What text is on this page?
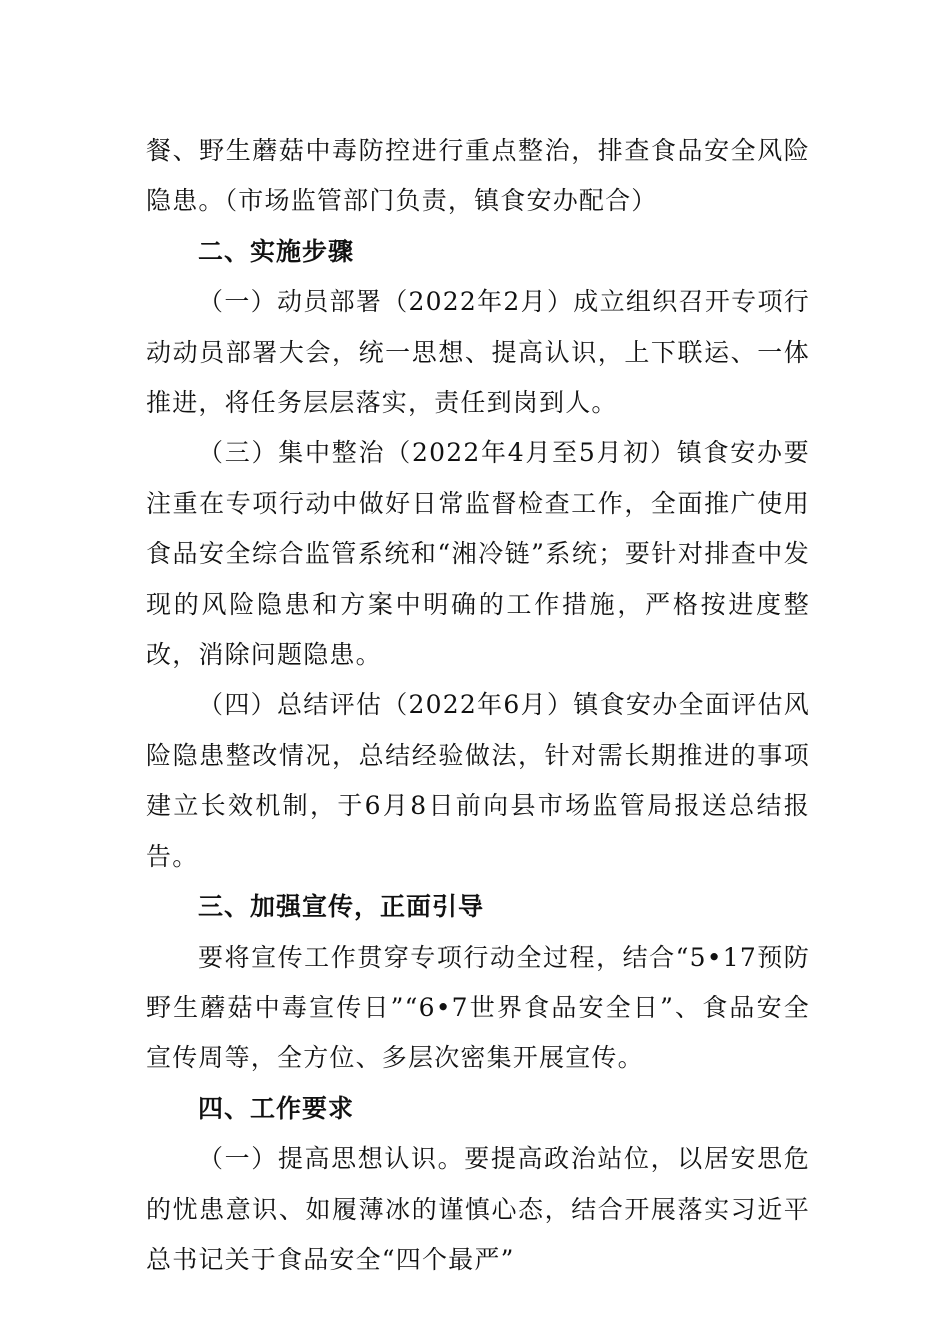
餐、野生蘑菇中毒防控进行重点整治，排查食品安全风险隐患。（市场监管部门负责，镇食安办配合）

二、实施步骤

（一）动员部署（2022年2月）成立组织召开专项行动动员部署大会，统一思想、提高认识，上下联运、一体推进，将任务层层落实，责任到岗到人。

（三）集中整治（2022年4月至5月初）镇食安办要注重在专项行动中做好日常监督检查工作，全面推广使用食品安全综合监管系统和“湘冷链”系统；要针对排查中发现的风险隐患和方案中明确的工作措施，严格按进度整改，消除问题隐患。

（四）总结评估（2022年6月）镇食安办全面评估风险隐患整改情况，总结经验做法，针对需长期推进的事项建立长效机制，于6月8日前向县市场监管局报送总结报告。

三、加强宣传，正面引导

要将宣传工作贯穿专项行动全过程，结合“5•17预防野生蘑菇中毒宣传日”“6•7世界食品安全日”、食品安全宣传周等，全方位、多层次密集开展宣传。

四、工作要求

（一）提高思想认识。要提高政治站位，以居安思危的忧患意识、如履薄冰的谨慎心态，结合开展落实习近平总书记关于食品安全“四个最严”
